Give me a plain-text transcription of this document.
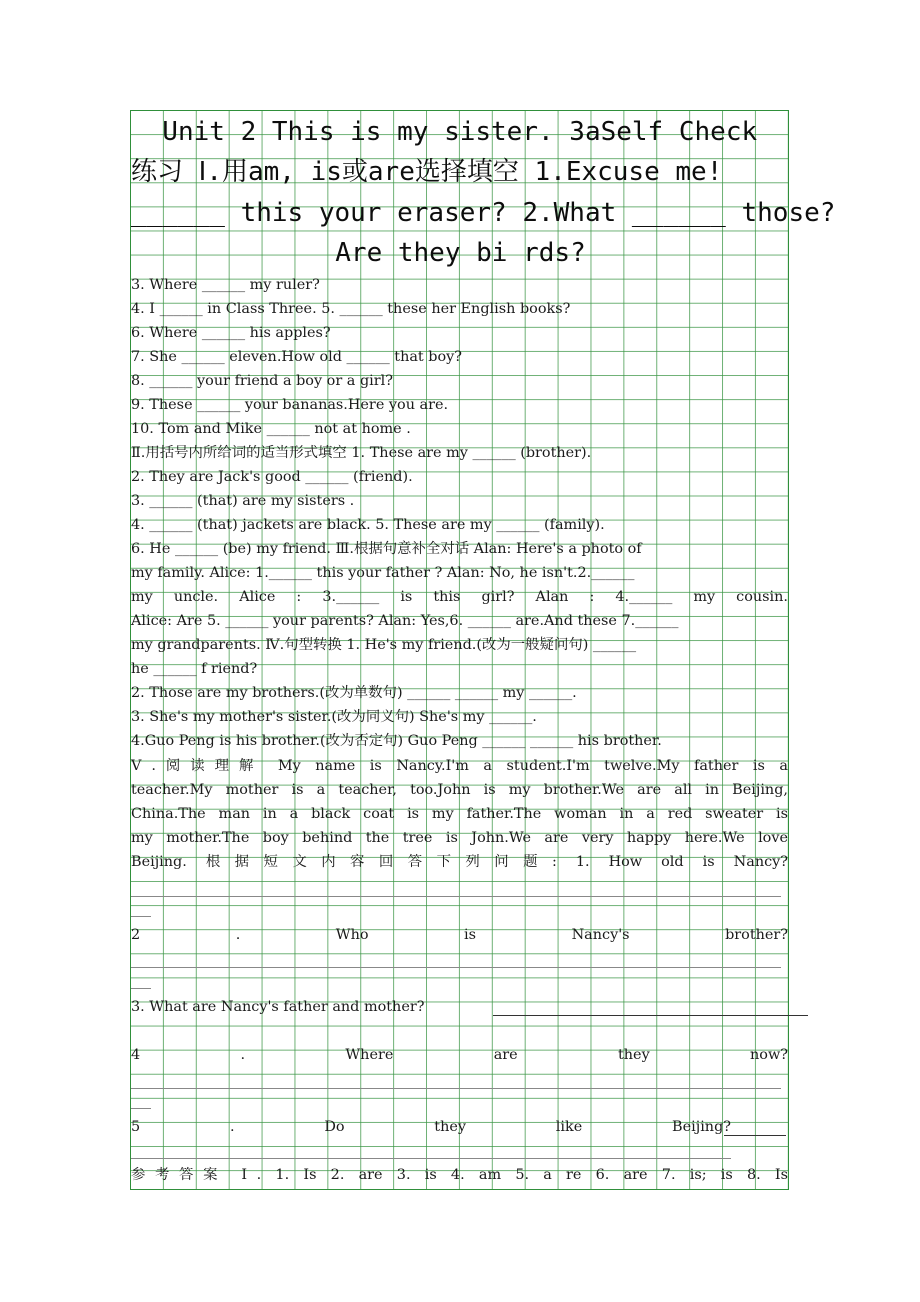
Unit 2 This is my sister. 3aSelf Check
练习 Ⅰ.用am, is或are选择填空 1.Excuse me!
______ this your eraser? 2.What ______ those?
Are they bi rds?
3. Where ______ my ruler?
4. I ______ in Class Three. 5. ______ these her English books?
6. Where ______ his apples?
7. She ______ eleven.How old ______ that boy?
8. ______ your friend a boy or a girl?
9. These ______ your bananas.Here you are.
10. Tom and Mike ______ not at home .
Ⅱ.用括号内所给词的适当形式填空 1. These are my ______ (brother).
2. They are Jack's good ______ (friend).
3. ______ (that) are my sisters .
4. ______ (that) jackets are black. 5. These are my ______ (family).
6. He ______ (be) my friend. Ⅲ.根据句意补全对话 Alan: Here's a photo of
my family. Alice: 1.______ this your father ? Alan: No, he isn't.2.______
my uncle. Alice : 3.______ is this girl? Alan : 4.______ my cousin.
Alice: Are 5. ______ your parents? Alan: Yes,6. ______ are.And these 7.______
my grandparents. Ⅳ.句型转换 1. He's my friend.(改为一般疑问句) ______
he ______ f riend?
2. Those are my brothers.(改为单数句) ______ ______ my ______.
3. She's my mother's sister.(改为同义句) She's my ______.
4.Guo Peng is his brother.(改为否定句) Guo Peng ______ ______ his brother.
Ⅴ.阅读理解 My name is Nancy.I'm a student.I'm twelve.My father is a
teacher.My mother is a teacher, too.John is my brother.We are all in Beijing,
China.The man in a black coat is my father.The woman in a red sweater is
my mother.The boy behind the tree is John.We are very happy here.We love
Beijing. 根据短文内容回答下列问题: 1. How old is Nancy?
2 . Who is Nancy's brother?
3. What are Nancy's father and mother?
4 . Where are they now?
5 . Do they like Beijing?
参考答案 Ⅰ. 1. Is 2. are 3. is 4. am 5. a re 6. are 7. is; is 8. Is
